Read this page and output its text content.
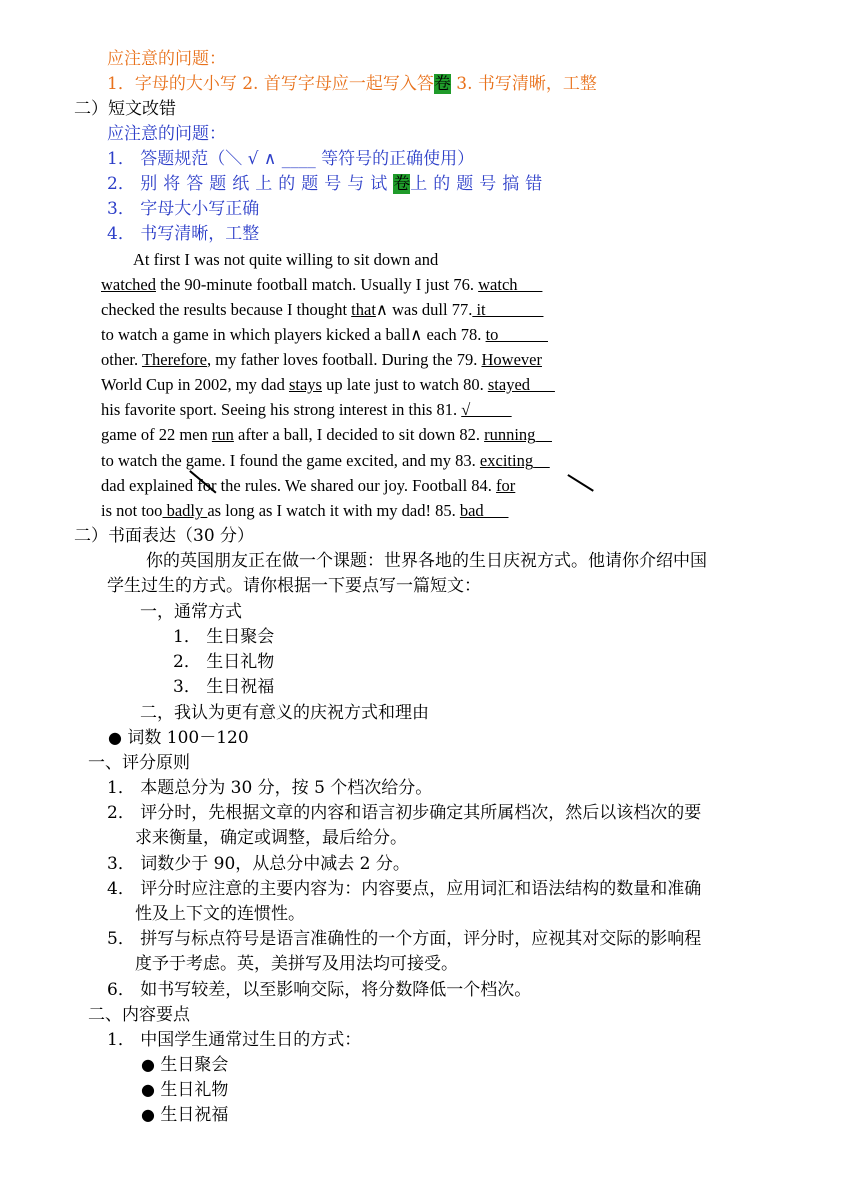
应注意的问题：
1．字母的大小写 2. 首写字母应一起写入答卷 3. 书写清晰，工整
二）短文改错
应注意的问题：
1． 答题规范（＼ √ ∧ ____ 等符号的正确使用）
2． 别将答题纸上的题号与试卷上的题号搞错
3． 字母大小写正确
4． 书写清晰，工整
At first I was not quite willing to sit down and
watched the 90-minute football match. Usually I just 76. watch___
checked the results because I thought that∧ was dull 77. it_______
to watch a game in which players kicked a ball∧ each 78. to______
other. Therefore, my father loves football. During the 79. However
World Cup in 2002, my dad stays up late just to watch 80. stayed___
his favorite sport. Seeing his strong interest in this 81. √_____
game of 22 men run after a ball, I decided to sit down 82. running__
to watch the game. I found the game excited, and my 83. exciting__
dad explained for the rules. We shared our joy. Football 84. for
is not too badly as long as I watch it with my dad! 85. bad___
二）书面表达（30 分）
你的英国朋友正在做一个课题：世界各地的生日庆祝方式。他请你介绍中国
学生过生的方式。请你根据一下要点写一篇短文：
一，通常方式
1． 生日聚会
2． 生日礼物
3． 生日祝福
二，我认为更有意义的庆祝方式和理由
● 词数 100－120
一、评分原则
1． 本题总分为 30 分，按 5 个档次给分。
2． 评分时，先根据文章的内容和语言初步确定其所属档次，然后以该档次的要
求来衡量，确定或调整，最后给分。
3． 词数少于 90，从总分中减去 2 分。
4． 评分时应注意的主要内容为：内容要点，应用词汇和语法结构的数量和准确
性及上下文的连惯性。
5． 拼写与标点符号是语言准确性的一个方面，评分时，应视其对交际的影响程
度予于考虑。英，美拼写及用法均可接受。
6． 如书写较差，以至影响交际，将分数降低一个档次。
二、内容要点
1． 中国学生通常过生日的方式：
● 生日聚会
● 生日礼物
● 生日祝福
